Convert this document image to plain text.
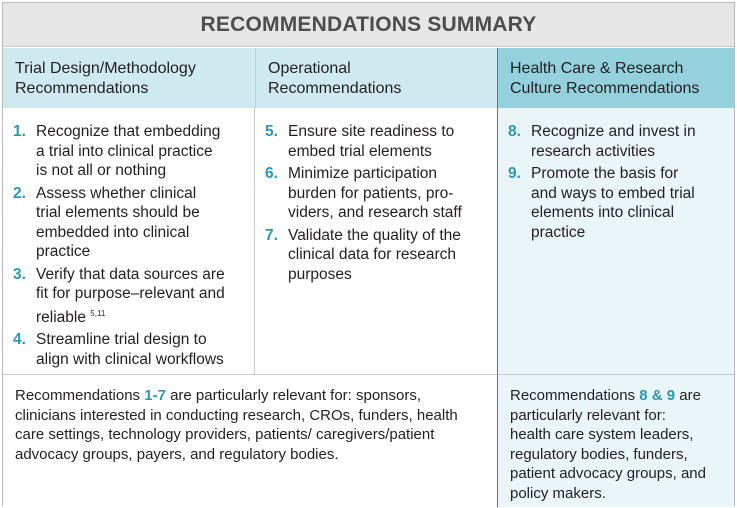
RECOMMENDATIONS SUMMARY
Trial Design/Methodology
Recommendations
Operational
Recommendations
Health Care & Research
Culture Recommendations
1. Recognize that embedding
a trial into clinical practice
is not all or nothing
2. Assess whether clinical
trial elements should be
embedded into clinical
practice
3. Verify that data sources are
fit for purpose–relevant and
reliable $^{5,11}$
4. Streamline trial design to
align with clinical workflows
5. Ensure site readiness to
embed trial elements
6. Minimize participation
burden for patients, pro-
viders, and research staff
7. Validate the quality of the
clinical data for research
purposes
8. Recognize and invest in
research activities
9. Promote the basis for
and ways to embed trial
elements into clinical
practice
Recommendations 1-7 are particularly relevant for: sponsors,
clinicians interested in conducting research, CROs, funders, health
care settings, technology providers, patients/ caregivers/patient
advocacy groups, payers, and regulatory bodies.
Recommendations 8 & 9 are
particularly relevant for:
health care system leaders,
regulatory bodies, funders,
patient advocacy groups, and
policy makers.
